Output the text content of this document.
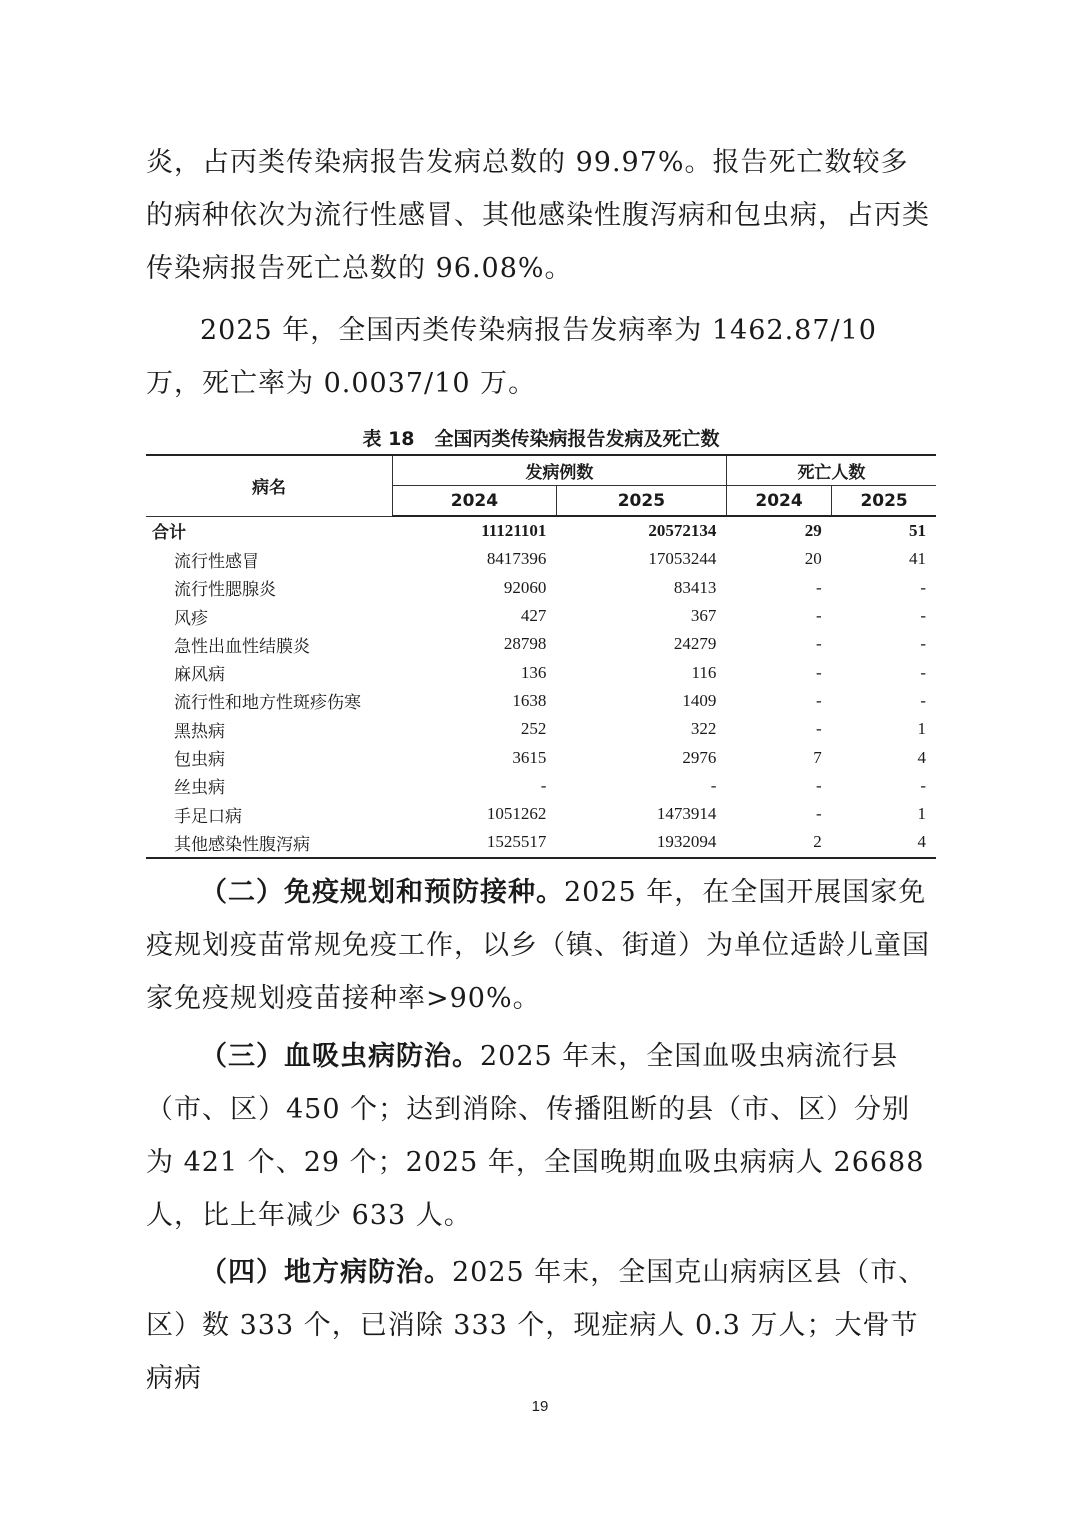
炎，占丙类传染病报告发病总数的 99.97%。报告死亡数较多的病种依次为流行性感冒、其他感染性腹泻病和包虫病，占丙类传染病报告死亡总数的 96.08%。

2025 年，全国丙类传染病报告发病率为 1462.87/10 万，死亡率为 0.0037/10 万。

表 18 全国丙类传染病报告发病及死亡数
病名	发病例数		死亡人数	
	2024	2025	2024	2025
合计	11121101	20572134	29	51
流行性感冒	8417396	17053244	20	41
流行性腮腺炎	92060	83413	-	-
风疹	427	367	-	-
急性出血性结膜炎	28798	24279	-	-
麻风病	136	116	-	-
流行性和地方性斑疹伤寒	1638	1409	-	-
黑热病	252	322	-	1
包虫病	3615	2976	7	4
丝虫病	-	-	-	-
手足口病	1051262	1473914	-	1
其他感染性腹泻病	1525517	1932094	2	4

（二）免疫规划和预防接种。2025 年，在全国开展国家免疫规划疫苗常规免疫工作，以乡（镇、街道）为单位适龄儿童国家免疫规划疫苗接种率>90%。

（三）血吸虫病防治。2025 年末，全国血吸虫病流行县（市、区）450 个；达到消除、传播阻断的县（市、区）分别为 421 个、29 个；2025 年，全国晚期血吸虫病病人 26688 人，比上年减少 633 人。

（四）地方病防治。2025 年末，全国克山病病区县（市、区）数 333 个，已消除 333 个，现症病人 0.3 万人；大骨节病病

19
